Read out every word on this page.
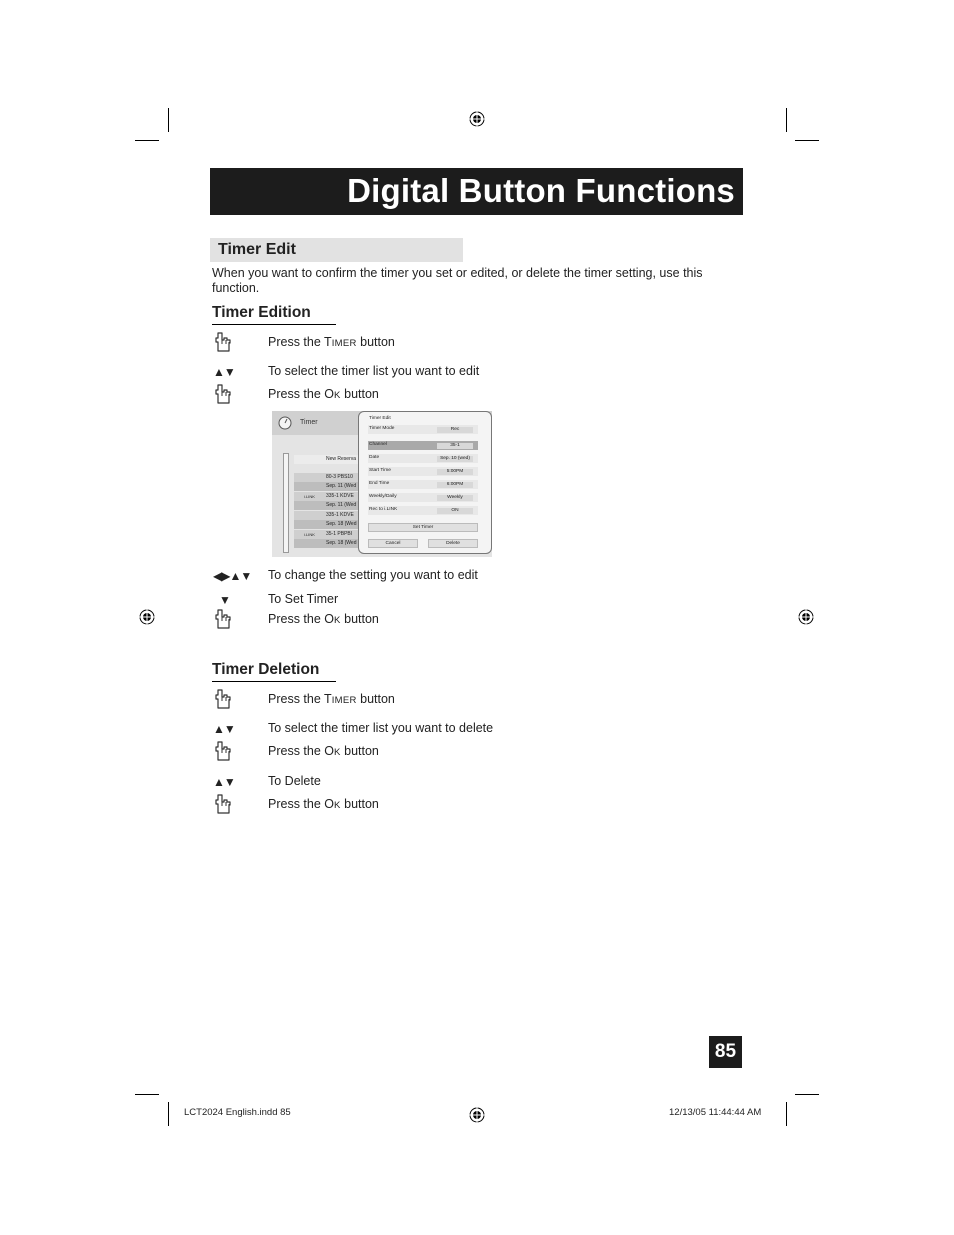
Digital Button Functions
Timer Edit
When you want to confirm the timer you set or edited, or delete the timer setting, use this function.
Timer Edition
Press the TIMER button
▲▼	To select the timer list you want to edit
Press the OK button
◀▶▲▼ To change the setting you want to edit
▼	To Set Timer
Press the OK button
Timer
New Reserva
80-3 PBS10
Sep. 11 (Wed
335-1 KDVE
i.LINK
Sep. 11 (Wed
335-1 KDVE
Sep. 18 (Wed
35-1 PBPBI
i.LINK
Sep. 18 (Wed
Timer Edit
Timer Mode	Rec
Channel	35-1
Date	Sep. 10 (wed)
Start Time	5:00PM
End Time	6:00PM
Weekly/Daily	Weekly
Rec to i.LINK	ON
Set Timer
Cancel	Delete
Timer Deletion
Press the TIMER button
▲▼	To select the timer list you want to delete
Press the OK button
▲▼	To Delete
Press the OK button
85
LCT2024 English.indd 85	12/13/05 11:44:44 AM
